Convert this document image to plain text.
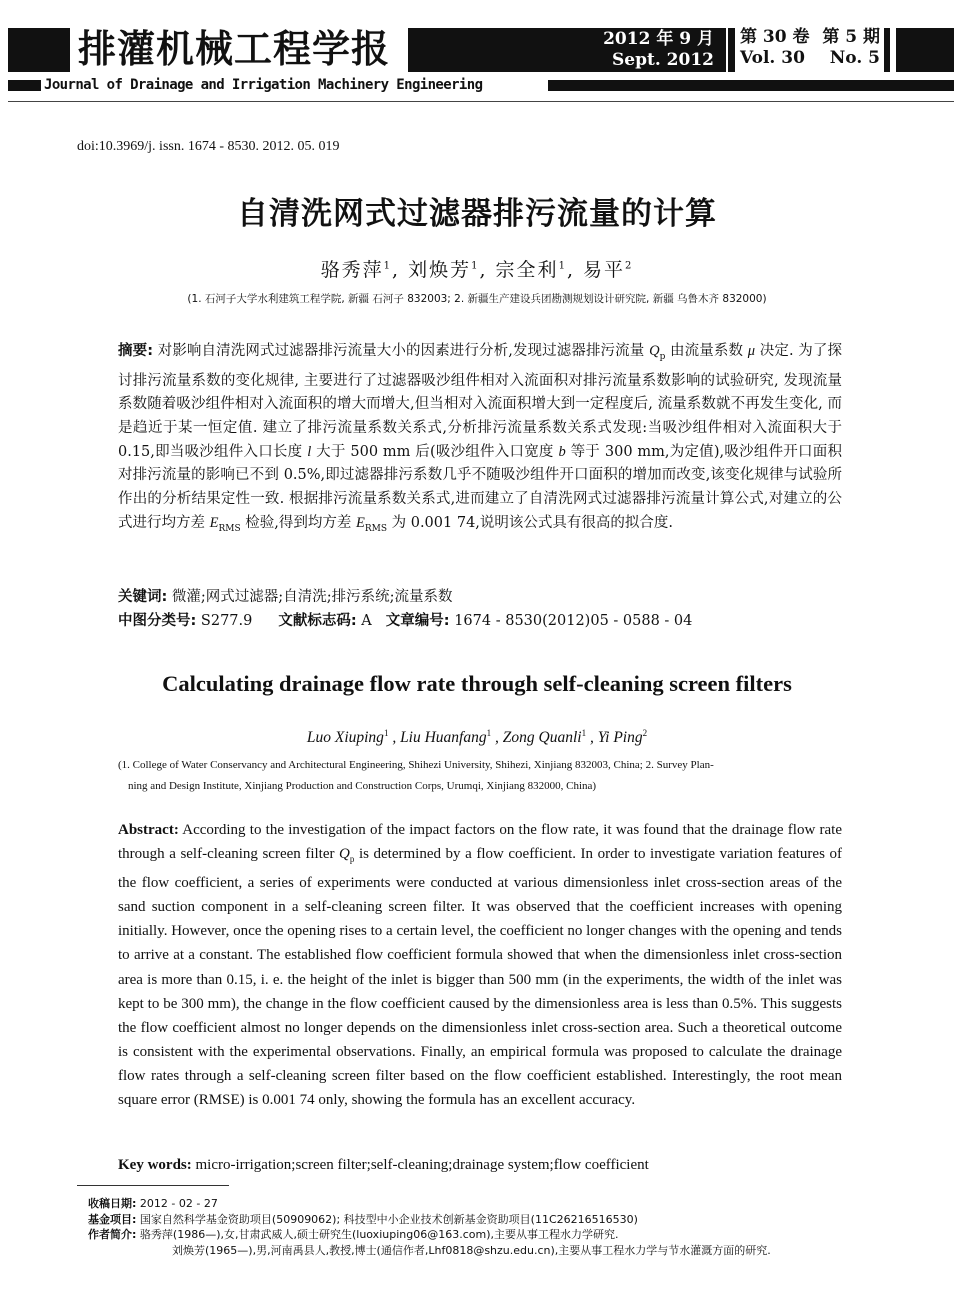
排灌机械工程学报	2012 年 9 月
Sept. 2012
第 30 卷 第 5 期
Vol. 30 No. 5
Journal of Drainage and Irrigation Machinery Engineering
doi:10.3969/j. issn. 1674 - 8530. 2012. 05. 019
自清洗网式过滤器排污流量的计算
骆秀萍$^1$, 刘焕芳$^1$, 宗全利$^1$, 易平$^2$
(1. 石河子大学水利建筑工程学院, 新疆 石河子 832003; 2. 新疆生产建设兵团勘测规划设计研究院, 新疆 乌鲁木齐 832000)
摘要: 对影响自清洗网式过滤器排污流量大小的因素进行分析,发现过滤器排污流量 $Q_p$ 由流量系数 μ 决定. 为了探讨排污流量系数的变化规律, 主要进行了过滤器吸沙组件相对入流面积对排污流量系数影响的试验研究, 发现流量系数随着吸沙组件相对入流面积的增大而增大,但当相对入流面积增大到一定程度后, 流量系数就不再发生变化, 而是趋近于某一恒定值. 建立了排污流量系数关系式,分析排污流量系数关系式发现:当吸沙组件相对入流面积大于 0.15,即当吸沙组件入口长度 l 大于 500 mm 后(吸沙组件入口宽度 b 等于 300 mm,为定值),吸沙组件开口面积对排污流量的影响已不到 0.5%,即过滤器排污系数几乎不随吸沙组件开口面积的增加而改变,该变化规律与试验所作出的分析结果定性一致. 根据排污流量系数关系式,进而建立了自清洗网式过滤器排污流量计算公式,对建立的公式进行均方差 $E_{RMS}$ 检验,得到均方差 $E_{RMS}$ 为 0.001 74,说明该公式具有很高的拟合度.
关键词: 微灌;网式过滤器;自清洗;排污系统;流量系数
中图分类号: S277.9 文献标志码: A 文章编号: 1674 - 8530(2012)05 - 0588 - 04
Calculating drainage flow rate through self-cleaning screen filters
Luo Xiuping$^1$ , Liu Huanfang$^1$ , Zong Quanli$^1$ , Yi Ping$^2$
(1. College of Water Conservancy and Architectural Engineering, Shihezi University, Shihezi, Xinjiang 832003, China; 2. Survey Plan-
ning and Design Institute, Xinjiang Production and Construction Corps, Urumqi, Xinjiang 832000, China)
Abstract: According to the investigation of the impact factors on the flow rate, it was found that the drainage flow rate through a self-cleaning screen filter $Q_p$ is determined by a flow coefficient. In order to investigate variation features of the flow coefficient, a series of experiments were conducted at various dimensionless inlet cross-section areas of the sand suction component in a self-cleaning screen filter. It was observed that the coefficient increases with opening initially. However, once the opening rises to a certain level, the coefficient no longer changes with the opening and tends to arrive at a constant. The established flow coefficient formula showed that when the dimensionless inlet cross-section area is more than 0.15, i. e. the height of the inlet is bigger than 500 mm (in the experiments, the width of the inlet was kept to be 300 mm), the change in the flow coefficient caused by the dimensionless area is less than 0.5%. This suggests the flow coefficient almost no longer depends on the dimensionless inlet cross-section area. Such a theoretical outcome is consistent with the experimental observations. Finally, an empirical formula was proposed to calculate the drainage flow rates through a self-cleaning screen filter based on the flow coefficient established. Interestingly, the root mean square error (RMSE) is 0.001 74 only, showing the formula has an excellent accuracy.
Key words: micro-irrigation;screen filter;self-cleaning;drainage system;flow coefficient
收稿日期: 2012 - 02 - 27
基金项目: 国家自然科学基金资助项目(50909062); 科技型中小企业技术创新基金资助项目(11C26216516530)
作者简介: 骆秀萍(1986—),女,甘肃武威人,硕士研究生(luoxiuping06@163.com),主要从事工程水力学研究.
刘焕芳(1965—),男,河南禹县人,教授,博士(通信作者,Lhf0818@shzu.edu.cn),主要从事工程水力学与节水灌溉方面的研究.
